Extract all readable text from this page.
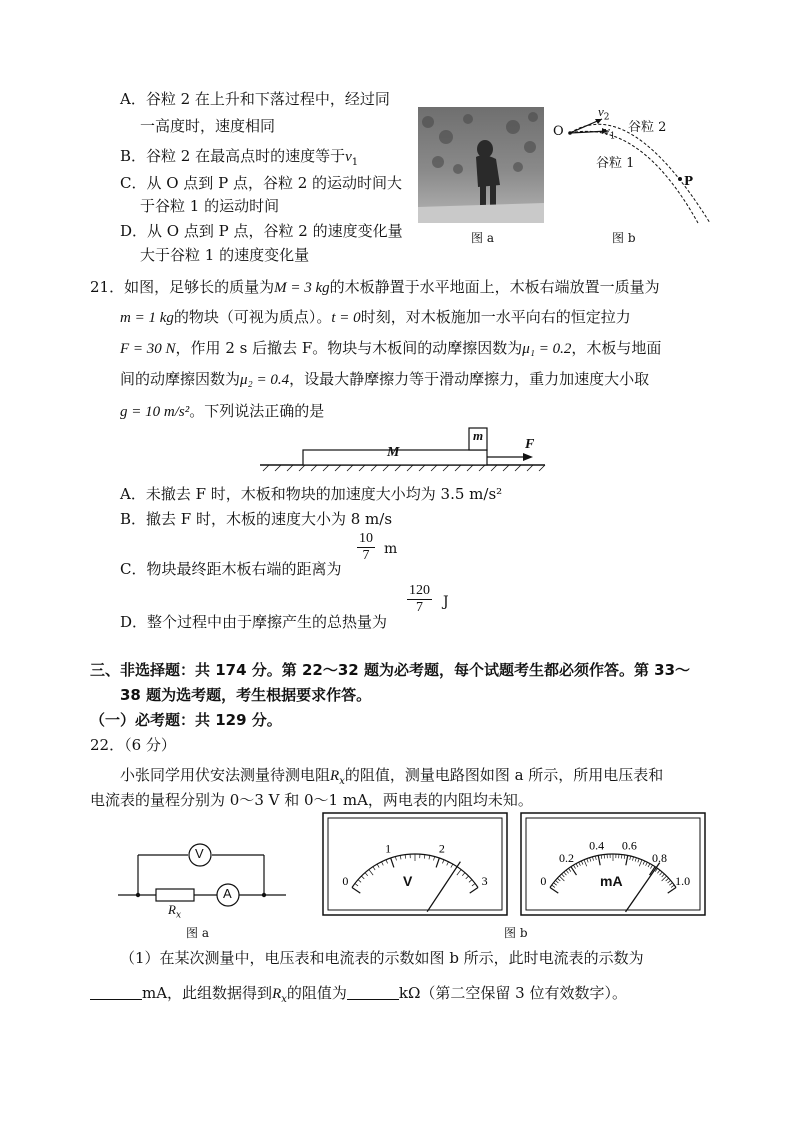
A．谷粒 2 在上升和下落过程中，经过同
一高度时，速度相同
B．谷粒 2 在最高点时的速度等于$v_1$
C．从 O 点到 P 点，谷粒 2 的运动时间大
于谷粒 1 的运动时间
D．从 O 点到 P 点，谷粒 2 的速度变化量
大于谷粒 1 的速度变化量
图 a
O
P
谷粒 2
谷粒 1
$v_2$
$v_1$
图 b
21．如图，足够长的质量为M = 3 kg的木板静置于水平地面上，木板右端放置一质量为
m = 1 kg的物块（可视为质点）。t = 0时刻，对木板施加一水平向右的恒定拉力
F = 30 N，作用 2 s 后撤去 F。物块与木板间的动摩擦因数为μ₁ = 0.2，木板与地面
间的动摩擦因数为μ₂ = 0.4，设最大静摩擦力等于滑动摩擦力，重力加速度大小取
g = 10 m/s²。下列说法正确的是
M
m
F
A．未撤去 F 时，木板和物块的加速度大小均为 3.5 m/s²
B．撤去 F 时，木板的速度大小为 8 m/s
C．物块最终距木板右端的距离为
$\frac{10}{7}$ m
D．整个过程中由于摩擦产生的总热量为
$\frac{120}{7}$ J
三、非选择题：共 174 分。第 22～32 题为必考题，每个试题考生都必须作答。第 33～
38 题为选考题，考生根据要求作答。
（一）必考题：共 129 分。
22．（6 分）
小张同学用伏安法测量待测电阻$R_x$的阻值，测量电路图如图 a 所示，所用电压表和
电流表的量程分别为 0～3 V 和 0～1 mA，两电表的内阻均未知。
V
A
$R_x$
图 a
0
1	2
3
V	0
0.2
0.4 0.6
0.8
1.0
mA
图 b
（1）在某次测量中，电压表和电流表的示数如图 b 所示，此时电流表的示数为
mA，此组数据得到$R_x$的阻值为	kΩ（第二空保留 3 位有效数字）。
